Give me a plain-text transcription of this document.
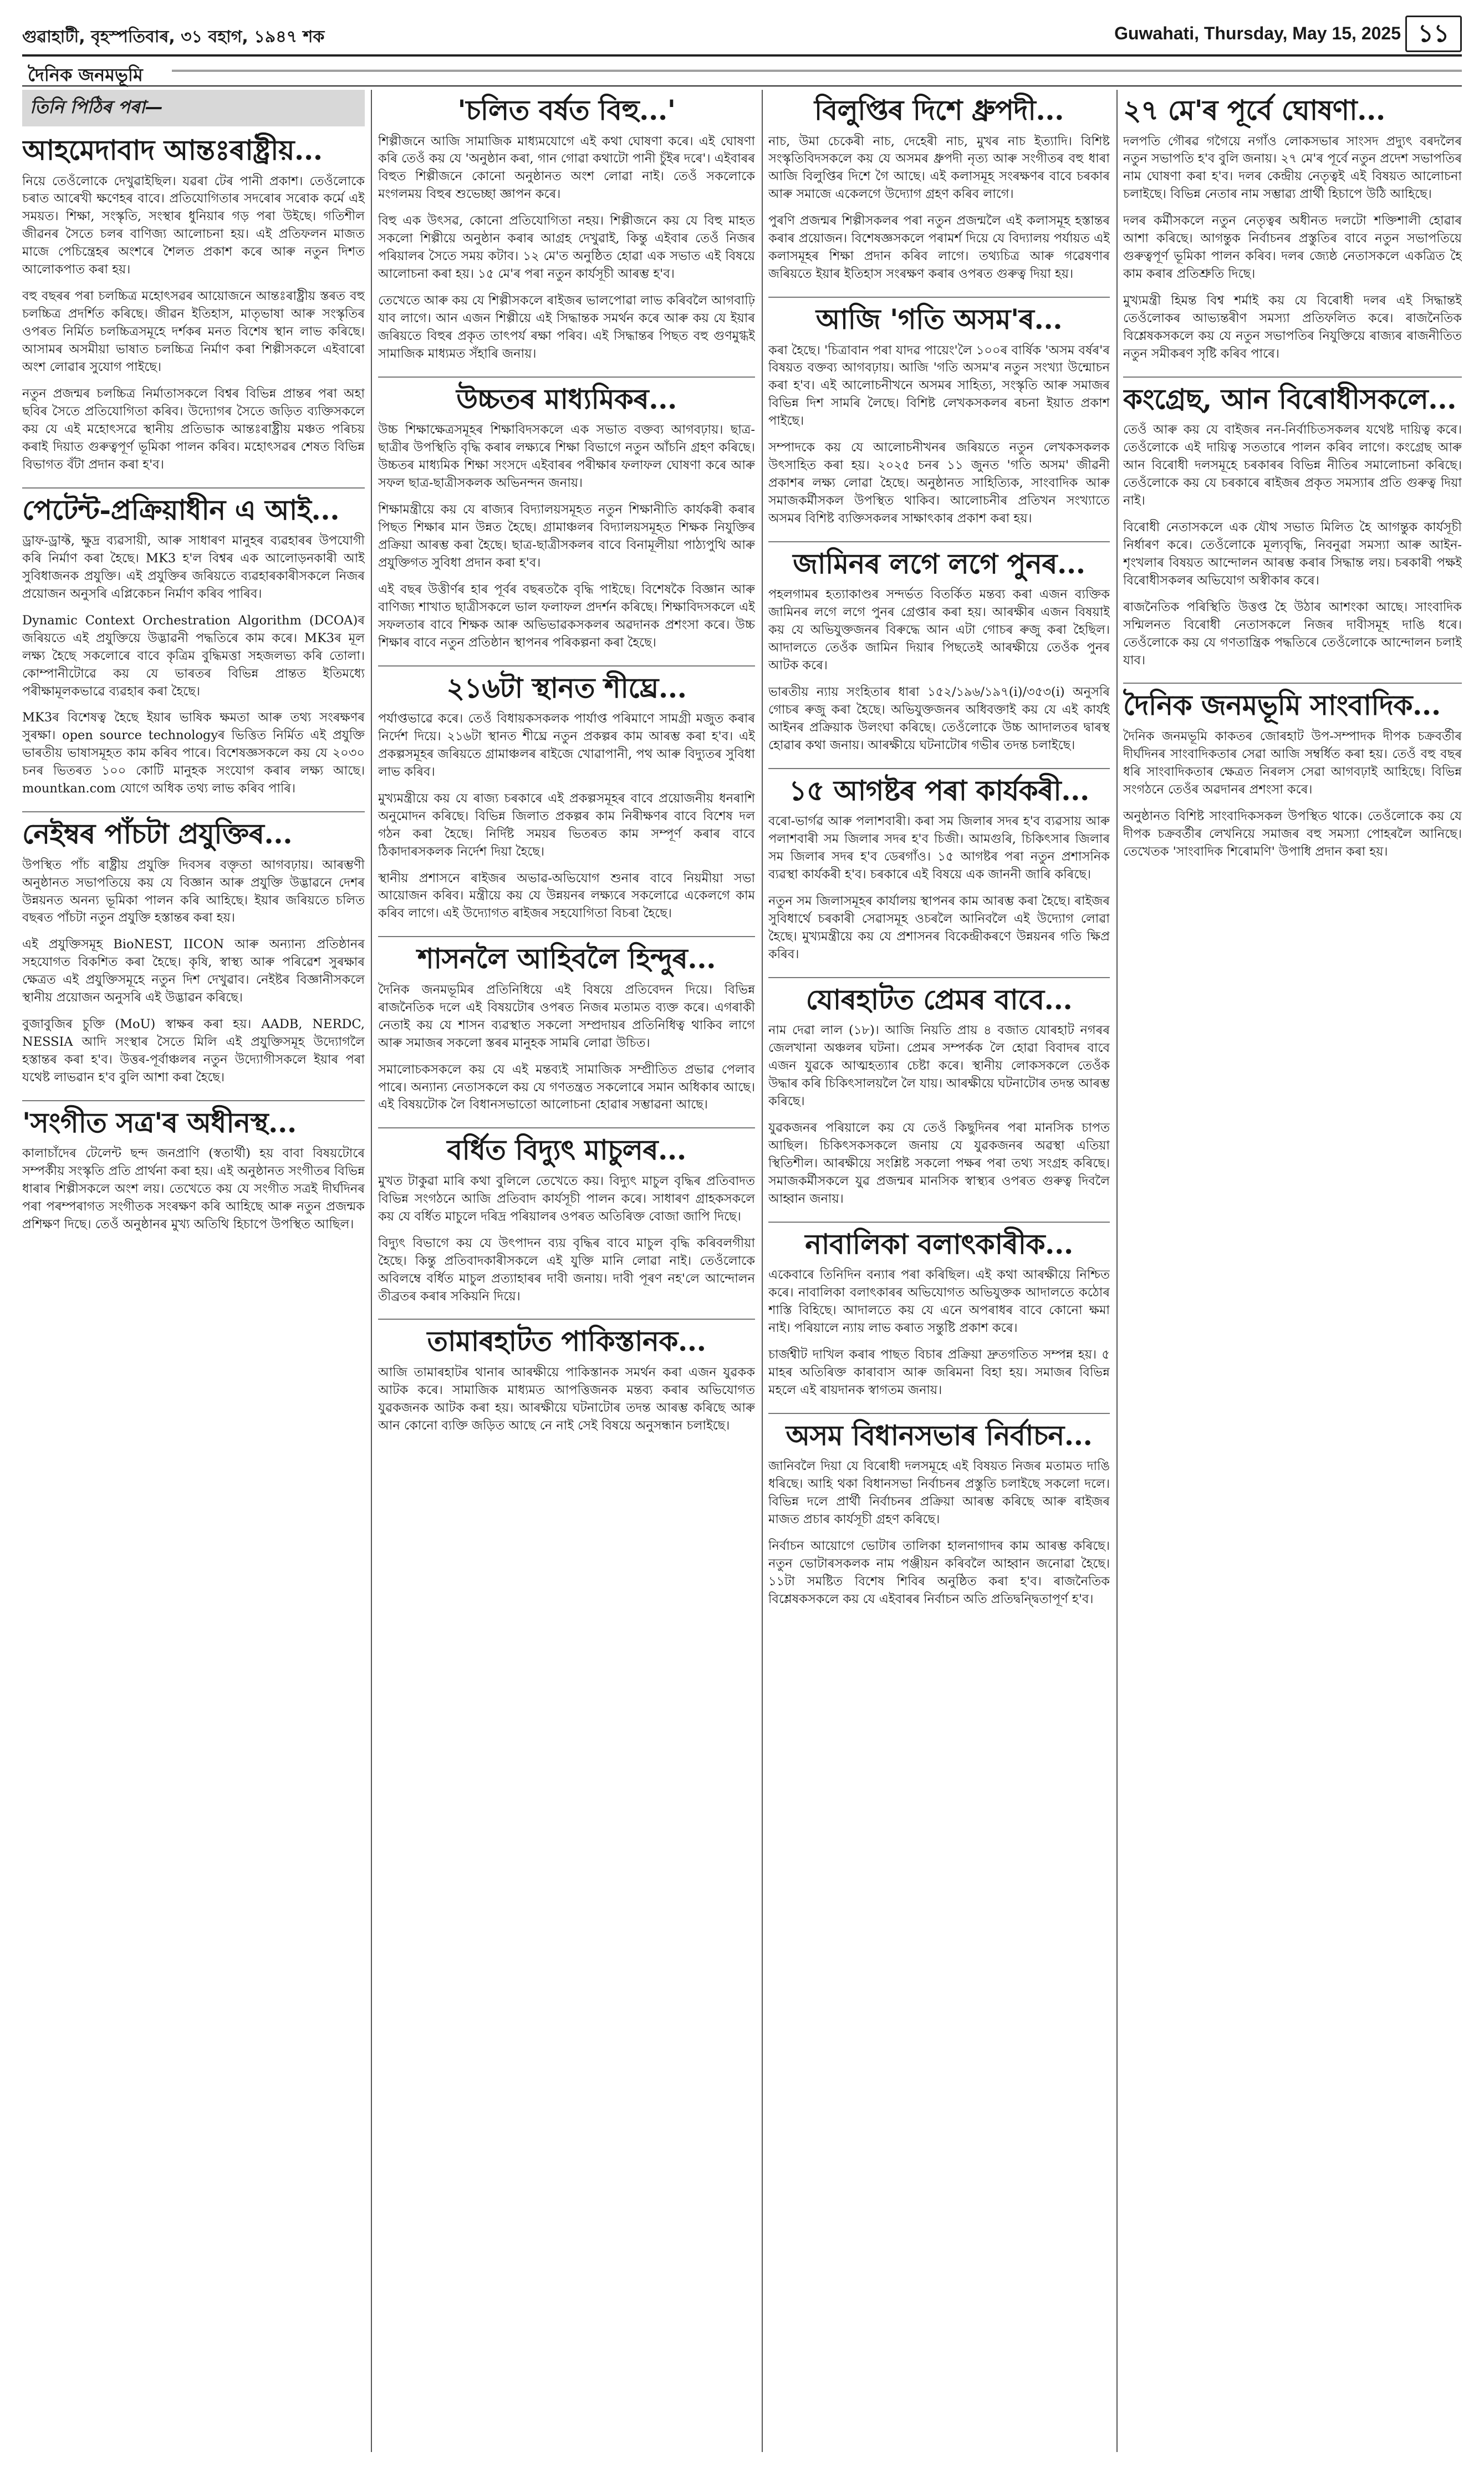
গুৱাহাটী, বৃহস্পতিবাৰ, ৩১ বহাগ, ১৯৪৭ শক	Guwahati, Thursday, May 15, 2025 ১১
দৈনিক জনমভূমি
তিনি পিঠিৰ পৰা—
আহমেদাবাদ আন্তঃৰাষ্ট্ৰীয়...

নিয়ে তেওঁলোকে দেখুৱাইছিল। যৱৰা টেৰ পানী প্ৰকাশ। তেওঁলোকে চৰাত আৰেখী ক্ষণেহৰ বাবে। প্ৰতিযোগিতাৰ সদৰোৰ সৰোক কৰ্মে এই সময়ত। শিক্ষা, সংস্কৃতি, সংস্থাৰ ধুনিয়াৰ গড় পৰা উইছে। গতিশীল জীৱনৰ সৈতে চলৰ বাণিজ্য আলোচনা হয়। এই প্ৰতিফলন মাজত মাজে পেচিন্ত্ৰেহৰ অংশৰে শৈলত প্ৰকাশ কৰে আৰু নতুন দিশত আলোকপাত কৰা হয়।

বহু বছৰৰ পৰা চলচ্চিত্ৰ মহোৎসৱৰ আয়োজনে আন্তঃৰাষ্ট্ৰীয় স্তৰত বহু চলচ্চিত্ৰ প্ৰদৰ্শিত কৰিছে। জীৱন ইতিহাস, মাতৃভাষা আৰু সংস্কৃতিৰ ওপৰত নিৰ্মিত চলচ্চিত্ৰসমূহে দৰ্শকৰ মনত বিশেষ স্থান লাভ কৰিছে। আসামৰ অসমীয়া ভাষাত চলচ্চিত্ৰ নিৰ্মাণ কৰা শিল্পীসকলে এইবাৰো অংশ লোৱাৰ সুযোগ পাইছে।

নতুন প্ৰজন্মৰ চলচ্চিত্ৰ নিৰ্মাতাসকলে বিশ্বৰ বিভিন্ন প্ৰান্তৰ পৰা অহা ছবিৰ সৈতে প্ৰতিযোগিতা কৰিব। উদ্যোগৰ সৈতে জড়িত ব্যক্তিসকলে কয় যে এই মহোৎসৱে স্থানীয় প্ৰতিভাক আন্তঃৰাষ্ট্ৰীয় মঞ্চত পৰিচয় কৰাই দিয়াত গুৰুত্বপূৰ্ণ ভূমিকা পালন কৰিব। মহোৎসৱৰ শেষত বিভিন্ন বিভাগত বঁটা প্ৰদান কৰা হ'ব।

পেটেন্ট-প্ৰক্ৰিয়াধীন এ আই...

ড্ৰাফ-ড্ৰাফ্ট, ক্ষুদ্ৰ ব্যৱসায়ী, আৰু সাধাৰণ মানুহৰ ব্যৱহাৰৰ উপযোগী কৰি নিৰ্মাণ কৰা হৈছে। MK3 হ'ল বিশ্বৰ এক আলোড়নকাৰী আই সুবিধাজনক প্ৰযুক্তি। এই প্ৰযুক্তিৰ জৰিয়তে ব্যৱহাৰকাৰীসকলে নিজৰ প্ৰয়োজন অনুসৰি এপ্লিকেচন নিৰ্মাণ কৰিব পাৰিব।

Dynamic Context Orchestration Algorithm (DCOA)ৰ জৰিয়তে এই প্ৰযুক্তিয়ে উদ্ভাৱনী পদ্ধতিৰে কাম কৰে। MK3ৰ মূল লক্ষ্য হৈছে সকলোৰে বাবে কৃত্ৰিম বুদ্ধিমত্তা সহজলভ্য কৰি তোলা। কোম্পানীটোৱে কয় যে ভাৰতৰ বিভিন্ন প্ৰান্তত ইতিমধ্যে পৰীক্ষামূলকভাৱে ব্যৱহাৰ কৰা হৈছে।

MK3ৰ বিশেষত্ব হৈছে ইয়াৰ ভাষিক ক্ষমতা আৰু তথ্য সংৰক্ষণৰ সুৰক্ষা। open source technologyৰ ভিত্তিত নিৰ্মিত এই প্ৰযুক্তি ভাৰতীয় ভাষাসমূহত কাম কৰিব পাৰে। বিশেষজ্ঞসকলে কয় যে ২০৩০ চনৰ ভিতৰত ১০০ কোটি মানুহক সংযোগ কৰাৰ লক্ষ্য আছে। mountkan.com যোগে অধিক তথ্য লাভ কৰিব পাৰি।

নেইম্বৰ পাঁচটা প্ৰযুক্তিৰ...

উপস্থিত পাঁচ ৰাষ্ট্ৰীয় প্ৰযুক্তি দিবসৰ বক্তৃতা আগবঢ়ায়। আৰম্ভণী অনুষ্ঠানত সভাপতিয়ে কয় যে বিজ্ঞান আৰু প্ৰযুক্তি উদ্ভাৱনে দেশৰ উন্নয়নত অনন্য ভূমিকা পালন কৰি আহিছে। ইয়াৰ জৰিয়তে চলিত বছৰত পাঁচটা নতুন প্ৰযুক্তি হস্তান্তৰ কৰা হয়।

এই প্ৰযুক্তিসমূহ BioNEST, IICON আৰু অন্যান্য প্ৰতিষ্ঠানৰ সহযোগত বিকশিত কৰা হৈছে। কৃষি, স্বাস্থ্য আৰু পৰিৱেশ সুৰক্ষাৰ ক্ষেত্ৰত এই প্ৰযুক্তিসমূহে নতুন দিশ দেখুৱাব। নেইষ্টৰ বিজ্ঞানীসকলে স্থানীয় প্ৰয়োজন অনুসৰি এই উদ্ভাৱন কৰিছে।

বুজাবুজিৰ চুক্তি (MoU) স্বাক্ষৰ কৰা হয়। AADB, NERDC, NESSIA আদি সংস্থাৰ সৈতে মিলি এই প্ৰযুক্তিসমূহ উদ্যোগলৈ হস্তান্তৰ কৰা হ'ব। উত্তৰ-পূৰ্বাঞ্চলৰ নতুন উদ্যোগীসকলে ইয়াৰ পৰা যথেষ্ট লাভৱান হ'ব বুলি আশা কৰা হৈছে।

'সংগীত সত্ৰ'ৰ অধীনস্থ...

কালাচাঁদেৰ টেলেন্ট ছন্দ জনপ্ৰাণি (স্বতাৰ্থী) হয় বাবা বিষয়টোৰে সম্পৰ্কীয় সংস্কৃতি প্ৰতি প্ৰাৰ্থনা কৰা হয়। এই অনুষ্ঠানত সংগীতৰ বিভিন্ন ধাৰাৰ শিল্পীসকলে অংশ লয়। তেখেতে কয় যে সংগীত সত্ৰই দীৰ্ঘদিনৰ পৰা পৰম্পৰাগত সংগীতক সংৰক্ষণ কৰি আহিছে আৰু নতুন প্ৰজন্মক প্ৰশিক্ষণ দিছে। তেওঁ অনুষ্ঠানৰ মুখ্য অতিথি হিচাপে উপস্থিত আছিল।

'চলিত বৰ্ষত বিহু...'

শিল্পীজনে আজি সামাজিক মাধ্যমযোগে এই কথা ঘোষণা কৰে। এই ঘোষণা কৰি তেওঁ কয় যে 'অনুষ্ঠান কৰা, গান গোৱা কথাটো পানী চুঁইৰ দৰে'। এইবাৰৰ বিহুত শিল্পীজনে কোনো অনুষ্ঠানত অংশ লোৱা নাই। তেওঁ সকলোকে মংগলময় বিহুৰ শুভেচ্ছা জ্ঞাপন কৰে।

বিহু এক উৎসৱ, কোনো প্ৰতিযোগিতা নহয়। শিল্পীজনে কয় যে বিহু মাহত সকলো শিল্পীয়ে অনুষ্ঠান কৰাৰ আগ্ৰহ দেখুৱাই, কিন্তু এইবাৰ তেওঁ নিজৰ পৰিয়ালৰ সৈতে সময় কটাব। ১২ মে'ত অনুষ্ঠিত হোৱা এক সভাত এই বিষয়ে আলোচনা কৰা হয়। ১৫ মে'ৰ পৰা নতুন কাৰ্যসূচী আৰম্ভ হ'ব।

তেখেতে আৰু কয় যে শিল্পীসকলে ৰাইজৰ ভালপোৱা লাভ কৰিবলৈ আগবাঢ়ি যাব লাগে। আন এজন শিল্পীয়ে এই সিদ্ধান্তক সমৰ্থন কৰে আৰু কয় যে ইয়াৰ জৰিয়তে বিহুৰ প্ৰকৃত তাৎপৰ্য ৰক্ষা পৰিব। এই সিদ্ধান্তৰ পিছত বহু গুণমুগ্ধই সামাজিক মাধ্যমত সঁহাৰি জনায়।

উচ্চতৰ মাধ্যমিকৰ...

উচ্চ শিক্ষাক্ষেত্ৰসমূহৰ শিক্ষাবিদসকলে এক সভাত বক্তব্য আগবঢ়ায়। ছাত্ৰ-ছাত্ৰীৰ উপস্থিতি বৃদ্ধি কৰাৰ লক্ষ্যৰে শিক্ষা বিভাগে নতুন আঁচনি গ্ৰহণ কৰিছে। উচ্চতৰ মাধ্যমিক শিক্ষা সংসদে এইবাৰৰ পৰীক্ষাৰ ফলাফল ঘোষণা কৰে আৰু সফল ছাত্ৰ-ছাত্ৰীসকলক অভিনন্দন জনায়।

শিক্ষামন্ত্ৰীয়ে কয় যে ৰাজ্যৰ বিদ্যালয়সমূহত নতুন শিক্ষানীতি কাৰ্যকৰী কৰাৰ পিছত শিক্ষাৰ মান উন্নত হৈছে। গ্ৰামাঞ্চলৰ বিদ্যালয়সমূহত শিক্ষক নিযুক্তিৰ প্ৰক্ৰিয়া আৰম্ভ কৰা হৈছে। ছাত্ৰ-ছাত্ৰীসকলৰ বাবে বিনামূলীয়া পাঠ্যপুথি আৰু প্ৰযুক্তিগত সুবিধা প্ৰদান কৰা হ'ব।

এই বছৰ উত্তীৰ্ণৰ হাৰ পূৰ্বৰ বছৰতকৈ বৃদ্ধি পাইছে। বিশেষকৈ বিজ্ঞান আৰু বাণিজ্য শাখাত ছাত্ৰীসকলে ভাল ফলাফল প্ৰদৰ্শন কৰিছে। শিক্ষাবিদসকলে এই সফলতাৰ বাবে শিক্ষক আৰু অভিভাৱকসকলৰ অৱদানক প্ৰশংসা কৰে। উচ্চ শিক্ষাৰ বাবে নতুন প্ৰতিষ্ঠান স্থাপনৰ পৰিকল্পনা কৰা হৈছে।

২১৬টা স্থানত শীঘ্ৰে...

পৰ্যাপ্তভাৱে কৰে। তেওঁ বিধায়কসকলক পাৰ্যাপ্ত পৰিমাণে সামগ্ৰী মজুত কৰাৰ নিৰ্দেশ দিয়ে। ২১৬টা স্থানত শীঘ্ৰে নতুন প্ৰকল্পৰ কাম আৰম্ভ কৰা হ'ব। এই প্ৰকল্পসমূহৰ জৰিয়তে গ্ৰামাঞ্চলৰ ৰাইজে খোৱাপানী, পথ আৰু বিদ্যুতৰ সুবিধা লাভ কৰিব।

মুখ্যমন্ত্ৰীয়ে কয় যে ৰাজ্য চৰকাৰে এই প্ৰকল্পসমূহৰ বাবে প্ৰয়োজনীয় ধনৰাশি অনুমোদন কৰিছে। বিভিন্ন জিলাত প্ৰকল্পৰ কাম নিৰীক্ষণৰ বাবে বিশেষ দল গঠন কৰা হৈছে। নিৰ্দিষ্ট সময়ৰ ভিতৰত কাম সম্পূৰ্ণ কৰাৰ বাবে ঠিকাদাৰসকলক নিৰ্দেশ দিয়া হৈছে।

স্থানীয় প্ৰশাসনে ৰাইজৰ অভাৱ-অভিযোগ শুনাৰ বাবে নিয়মীয়া সভা আয়োজন কৰিব। মন্ত্ৰীয়ে কয় যে উন্নয়নৰ লক্ষ্যৰে সকলোৱে একেলগে কাম কৰিব লাগে। এই উদ্যোগত ৰাইজৰ সহযোগিতা বিচৰা হৈছে।

শাসনলৈ আহিবলৈ হিন্দুৰ...

দৈনিক জনমভূমিৰ প্ৰতিনিধিয়ে এই বিষয়ে প্ৰতিবেদন দিয়ে। বিভিন্ন ৰাজনৈতিক দলে এই বিষয়টোৰ ওপৰত নিজৰ মতামত ব্যক্ত কৰে। এগৰাকী নেতাই কয় যে শাসন ব্যৱস্থাত সকলো সম্প্ৰদায়ৰ প্ৰতিনিধিত্ব থাকিব লাগে আৰু সমাজৰ সকলো স্তৰৰ মানুহক সামৰি লোৱা উচিত।

সমালোচকসকলে কয় যে এই মন্তব্যই সামাজিক সম্প্ৰীতিত প্ৰভাৱ পেলাব পাৰে। অন্যান্য নেতাসকলে কয় যে গণতন্ত্ৰত সকলোৰে সমান অধিকাৰ আছে। এই বিষয়টোক লৈ বিধানসভাতো আলোচনা হোৱাৰ সম্ভাৱনা আছে।

বৰ্ধিত বিদ্যুৎ মাচুলৰ...

মুখত টাকুৱা মাৰি কথা বুলিলে তেখেতে কয়। বিদ্যুৎ মাচুল বৃদ্ধিৰ প্ৰতিবাদত বিভিন্ন সংগঠনে আজি প্ৰতিবাদ কাৰ্যসূচী পালন কৰে। সাধাৰণ গ্ৰাহকসকলে কয় যে বৰ্ধিত মাচুলে দৰিদ্ৰ পৰিয়ালৰ ওপৰত অতিৰিক্ত বোজা জাপি দিছে।

বিদ্যুৎ বিভাগে কয় যে উৎপাদন ব্যয় বৃদ্ধিৰ বাবে মাচুল বৃদ্ধি কৰিবলগীয়া হৈছে। কিন্তু প্ৰতিবাদকাৰীসকলে এই যুক্তি মানি লোৱা নাই। তেওঁলোকে অবিলম্বে বৰ্ধিত মাচুল প্ৰত্যাহাৰৰ দাবী জনায়। দাবী পূৰণ নহ'লে আন্দোলন তীব্ৰতৰ কৰাৰ সকিয়নি দিয়ে।

তামাৰহাটত পাকিস্তানক...

আজি তামাৰহাটৰ থানাৰ আৰক্ষীয়ে পাকিস্তানক সমৰ্থন কৰা এজন যুৱকক আটক কৰে। সামাজিক মাধ্যমত আপত্তিজনক মন্তব্য কৰাৰ অভিযোগত যুৱকজনক আটক কৰা হয়। আৰক্ষীয়ে ঘটনাটোৰ তদন্ত আৰম্ভ কৰিছে আৰু আন কোনো ব্যক্তি জড়িত আছে নে নাই সেই বিষয়ে অনুসন্ধান চলাইছে।

বিলুপ্তিৰ দিশে ধ্ৰুপদী...

নাচ, উমা চেকেৰী নাচ, দেহেৰী নাচ, মুখৰ নাচ ইত্যাদি। বিশিষ্ট সংস্কৃতিবিদসকলে কয় যে অসমৰ ধ্ৰুপদী নৃত্য আৰু সংগীতৰ বহু ধাৰা আজি বিলুপ্তিৰ দিশে গৈ আছে। এই কলাসমূহ সংৰক্ষণৰ বাবে চৰকাৰ আৰু সমাজে একেলগে উদ্যোগ গ্ৰহণ কৰিব লাগে।

পুৰণি প্ৰজন্মৰ শিল্পীসকলৰ পৰা নতুন প্ৰজন্মলৈ এই কলাসমূহ হস্তান্তৰ কৰাৰ প্ৰয়োজন। বিশেষজ্ঞসকলে পৰামৰ্শ দিয়ে যে বিদ্যালয় পৰ্যায়ত এই কলাসমূহৰ শিক্ষা প্ৰদান কৰিব লাগে। তথ্যচিত্ৰ আৰু গৱেষণাৰ জৰিয়তে ইয়াৰ ইতিহাস সংৰক্ষণ কৰাৰ ওপৰত গুৰুত্ব দিয়া হয়।

আজি 'গতি অসম'ৰ...

কৰা হৈছে। 'চিত্ৰাবান পৰা যাদৱ পায়েং'লৈ ১০০ৰ বাৰ্ষিক 'অসম বৰ্ষৰ'ৰ বিষয়ত বক্তব্য আগবঢ়ায়। আজি 'গতি অসম'ৰ নতুন সংখ্যা উন্মোচন কৰা হ'ব। এই আলোচনীখনে অসমৰ সাহিত্য, সংস্কৃতি আৰু সমাজৰ বিভিন্ন দিশ সামৰি লৈছে। বিশিষ্ট লেখকসকলৰ ৰচনা ইয়াত প্ৰকাশ পাইছে।

সম্পাদকে কয় যে আলোচনীখনৰ জৰিয়তে নতুন লেখকসকলক উৎসাহিত কৰা হয়। ২০২৫ চনৰ ১১ জুনত 'গতি অসম' জীৱনী প্ৰকাশৰ লক্ষ্য লোৱা হৈছে। অনুষ্ঠানত সাহিত্যিক, সাংবাদিক আৰু সমাজকৰ্মীসকল উপস্থিত থাকিব। আলোচনীৰ প্ৰতিখন সংখ্যাতে অসমৰ বিশিষ্ট ব্যক্তিসকলৰ সাক্ষাৎকাৰ প্ৰকাশ কৰা হয়।

জামিনৰ লগে লগে পুনৰ...

পহলগামৰ হত্যাকাণ্ডৰ সন্দৰ্ভত বিতৰ্কিত মন্তব্য কৰা এজন ব্যক্তিক জামিনৰ লগে লগে পুনৰ গ্ৰেপ্তাৰ কৰা হয়। আৰক্ষীৰ এজন বিষয়াই কয় যে অভিযুক্তজনৰ বিৰুদ্ধে আন এটা গোচৰ ৰুজু কৰা হৈছিল। আদালতে তেওঁক জামিন দিয়াৰ পিছতেই আৰক্ষীয়ে তেওঁক পুনৰ আটক কৰে।

ভাৰতীয় ন্যায় সংহিতাৰ ধাৰা ১৫২/১৯৬/১৯৭(i)/৩৫৩(i) অনুসৰি গোচৰ ৰুজু কৰা হৈছে। অভিযুক্তজনৰ অধিবক্তাই কয় যে এই কাৰ্যই আইনৰ প্ৰক্ৰিয়াক উলংঘা কৰিছে। তেওঁলোকে উচ্চ আদালতৰ দ্বাৰস্থ হোৱাৰ কথা জনায়। আৰক্ষীয়ে ঘটনাটোৰ গভীৰ তদন্ত চলাইছে।

১৫ আগষ্টৰ পৰা কাৰ্যকৰী...

বৰো-ভাৰ্গৱ আৰু পলাশবাৰী। কৰা সম জিলাৰ সদৰ হ'ব ব্যৱসায় আৰু পলাশবাৰী সম জিলাৰ সদৰ হ'ব চিজী। আমগুৰি, চিকিৎসাৰ জিলাৰ সম জিলাৰ সদৰ হ'ব ডেৰগাঁও। ১৫ আগষ্টৰ পৰা নতুন প্ৰশাসনিক ব্যৱস্থা কাৰ্যকৰী হ'ব। চৰকাৰে এই বিষয়ে এক জাননী জাৰি কৰিছে।

নতুন সম জিলাসমূহৰ কাৰ্যালয় স্থাপনৰ কাম আৰম্ভ কৰা হৈছে। ৰাইজৰ সুবিধাৰ্থে চৰকাৰী সেৱাসমূহ ওচৰলৈ আনিবলৈ এই উদ্যোগ লোৱা হৈছে। মুখ্যমন্ত্ৰীয়ে কয় যে প্ৰশাসনৰ বিকেন্দ্ৰীকৰণে উন্নয়নৰ গতি ক্ষিপ্ৰ কৰিব।

যোৰহাটত প্ৰেমৰ বাবে...

নাম দেৱা লাল (১৮)। আজি নিয়তি প্ৰায় ৪ বজাত যোৰহাট নগৰৰ জেলখানা অঞ্চলৰ ঘটনা। প্ৰেমৰ সম্পৰ্কক লৈ হোৱা বিবাদৰ বাবে এজন যুৱকে আত্মহত্যাৰ চেষ্টা কৰে। স্থানীয় লোকসকলে তেওঁক উদ্ধাৰ কৰি চিকিৎসালয়লৈ লৈ যায়। আৰক্ষীয়ে ঘটনাটোৰ তদন্ত আৰম্ভ কৰিছে।

যুৱকজনৰ পৰিয়ালে কয় যে তেওঁ কিছুদিনৰ পৰা মানসিক চাপত আছিল। চিকিৎসকসকলে জনায় যে যুৱকজনৰ অৱস্থা এতিয়া স্থিতিশীল। আৰক্ষীয়ে সংশ্লিষ্ট সকলো পক্ষৰ পৰা তথ্য সংগ্ৰহ কৰিছে। সমাজকৰ্মীসকলে যুৱ প্ৰজন্মৰ মানসিক স্বাস্থ্যৰ ওপৰত গুৰুত্ব দিবলৈ আহ্বান জনায়।

নাবালিকা বলাৎকাৰীক...

একেবাৰে তিনিদিন বন্যাৰ পৰা কৰিছিল। এই কথা আৰক্ষীয়ে নিশ্চিত কৰে। নাবালিকা বলাৎকাৰৰ অভিযোগত অভিযুক্তক আদালতে কঠোৰ শাস্তি বিহিছে। আদালতে কয় যে এনে অপৰাধৰ বাবে কোনো ক্ষমা নাই। পৰিয়ালে ন্যায় লাভ কৰাত সন্তুষ্টি প্ৰকাশ কৰে।

চাৰ্জশ্বীট দাখিল কৰাৰ পাছত বিচাৰ প্ৰক্ৰিয়া দ্ৰুতগতিত সম্পন্ন হয়। ৫ মাহৰ অতিৰিক্ত কাৰাবাস আৰু জৰিমনা বিহা হয়। সমাজৰ বিভিন্ন মহলে এই ৰায়দানক স্বাগতম জনায়।

অসম বিধানসভাৰ নিৰ্বাচন...

জানিবলৈ দিয়া যে বিৰোধী দলসমূহে এই বিষয়ত নিজৰ মতামত দাঙি ধৰিছে। আহি থকা বিধানসভা নিৰ্বাচনৰ প্ৰস্তুতি চলাইছে সকলো দলে। বিভিন্ন দলে প্ৰাৰ্থী নিৰ্বাচনৰ প্ৰক্ৰিয়া আৰম্ভ কৰিছে আৰু ৰাইজৰ মাজত প্ৰচাৰ কাৰ্যসূচী গ্ৰহণ কৰিছে।

নিৰ্বাচন আয়োগে ভোটাৰ তালিকা হালনাগাদৰ কাম আৰম্ভ কৰিছে। নতুন ভোটাৰসকলক নাম পঞ্জীয়ন কৰিবলৈ আহ্বান জনোৱা হৈছে। ১১টা সমষ্টিত বিশেষ শিবিৰ অনুষ্ঠিত কৰা হ'ব। ৰাজনৈতিক বিশ্লেষকসকলে কয় যে এইবাৰৰ নিৰ্বাচন অতি প্ৰতিদ্বন্দ্বিতাপূৰ্ণ হ'ব।

২৭ মে'ৰ পূৰ্বে ঘোষণা...

দলপতি গৌৰৱ গগৈয়ে নগাঁও লোকসভাৰ সাংসদ প্ৰদ্যুৎ বৰদলৈৰ নতুন সভাপতি হ'ব বুলি জনায়। ২৭ মে'ৰ পূৰ্বে নতুন প্ৰদেশ সভাপতিৰ নাম ঘোষণা কৰা হ'ব। দলৰ কেন্দ্ৰীয় নেতৃত্বই এই বিষয়ত আলোচনা চলাইছে। বিভিন্ন নেতাৰ নাম সম্ভাৱ্য প্ৰাৰ্থী হিচাপে উঠি আহিছে।

দলৰ কৰ্মীসকলে নতুন নেতৃত্বৰ অধীনত দলটো শক্তিশালী হোৱাৰ আশা কৰিছে। আগন্তুক নিৰ্বাচনৰ প্ৰস্তুতিৰ বাবে নতুন সভাপতিয়ে গুৰুত্বপূৰ্ণ ভূমিকা পালন কৰিব। দলৰ জ্যেষ্ঠ নেতাসকলে একত্ৰিত হৈ কাম কৰাৰ প্ৰতিশ্ৰুতি দিছে।

মুখ্যমন্ত্ৰী হিমন্ত বিশ্ব শৰ্মাই কয় যে বিৰোধী দলৰ এই সিদ্ধান্তই তেওঁলোকৰ আভ্যন্তৰীণ সমস্যা প্ৰতিফলিত কৰে। ৰাজনৈতিক বিশ্লেষকসকলে কয় যে নতুন সভাপতিৰ নিযুক্তিয়ে ৰাজ্যৰ ৰাজনীতিত নতুন সমীকৰণ সৃষ্টি কৰিব পাৰে।

কংগ্ৰেছ, আন বিৰোধীসকলে...

তেওঁ আৰু কয় যে বাইজৰ নন-নিৰ্বাচিতসকলৰ যথেষ্ট দায়িত্ব কৰে। তেওঁলোকে এই দায়িত্ব সততাৰে পালন কৰিব লাগে। কংগ্ৰেছ আৰু আন বিৰোধী দলসমূহে চৰকাৰৰ বিভিন্ন নীতিৰ সমালোচনা কৰিছে। তেওঁলোকে কয় যে চৰকাৰে ৰাইজৰ প্ৰকৃত সমস্যাৰ প্ৰতি গুৰুত্ব দিয়া নাই।

বিৰোধী নেতাসকলে এক যৌথ সভাত মিলিত হৈ আগন্তুক কাৰ্যসূচী নিৰ্ধাৰণ কৰে। তেওঁলোকে মূল্যবৃদ্ধি, নিবনুৱা সমস্যা আৰু আইন-শৃংখলাৰ বিষয়ত আন্দোলন আৰম্ভ কৰাৰ সিদ্ধান্ত লয়। চৰকাৰী পক্ষই বিৰোধীসকলৰ অভিযোগ অস্বীকাৰ কৰে।

ৰাজনৈতিক পৰিস্থিতি উত্তপ্ত হৈ উঠাৰ আশংকা আছে। সাংবাদিক সন্মিলনত বিৰোধী নেতাসকলে নিজৰ দাবীসমূহ দাঙি ধৰে। তেওঁলোকে কয় যে গণতান্ত্ৰিক পদ্ধতিৰে তেওঁলোকে আন্দোলন চলাই যাব।

দৈনিক জনমভূমি সাংবাদিক...

দৈনিক জনমভূমি কাকতৰ জোৰহাট উপ-সম্পাদক দীপক চক্ৰবৰ্তীৰ দীৰ্ঘদিনৰ সাংবাদিকতাৰ সেৱা আজি সম্বৰ্ধিত কৰা হয়। তেওঁ বহু বছৰ ধৰি সাংবাদিকতাৰ ক্ষেত্ৰত নিৰলস সেৱা আগবঢ়াই আহিছে। বিভিন্ন সংগঠনে তেওঁৰ অৱদানৰ প্ৰশংসা কৰে।

অনুষ্ঠানত বিশিষ্ট সাংবাদিকসকল উপস্থিত থাকে। তেওঁলোকে কয় যে দীপক চক্ৰবৰ্তীৰ লেখনিয়ে সমাজৰ বহু সমস্যা পোহৰলৈ আনিছে। তেখেতক 'সাংবাদিক শিৰোমণি' উপাধি প্ৰদান কৰা হয়।
